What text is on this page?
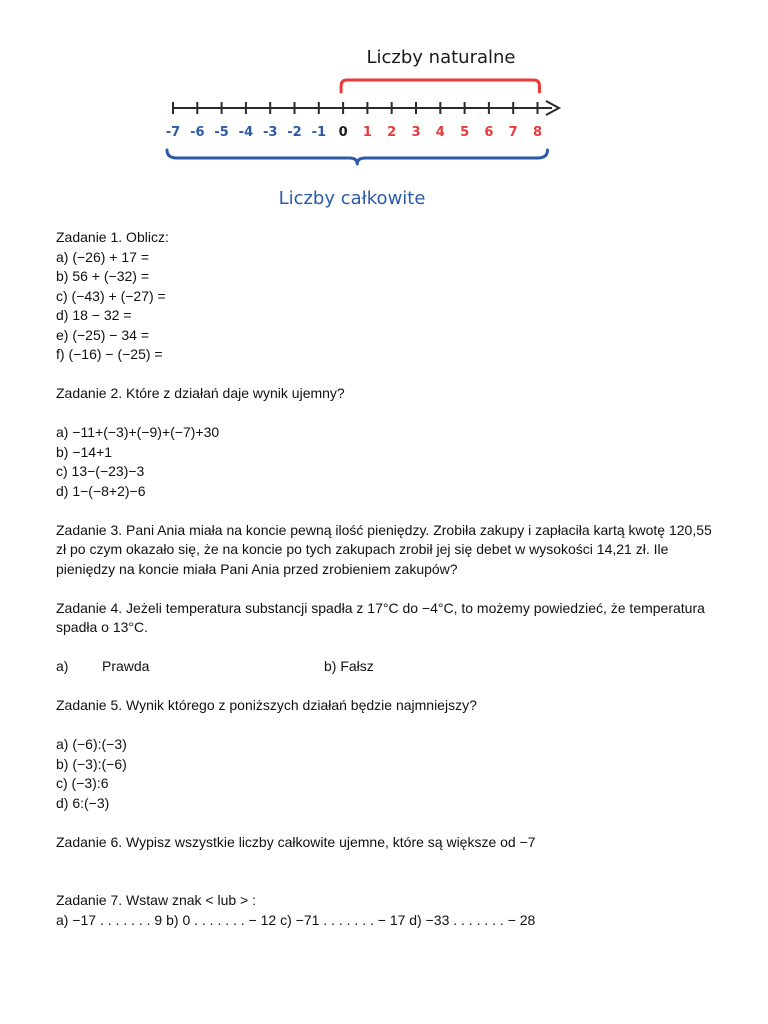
Liczby naturalne
-7 -6 -5 -4 -3 -2 -1 0 1 2 3 4 5 6 7 8
Liczby całkowite
Zadanie 1. Oblicz:
a) (−26) + 17 =
b) 56 + (−32) =
c) (−43) + (−27) =
d) 18 − 32 =
e) (−25) − 34 =
f) (−16) − (−25) =
Zadanie 2. Które z działań daje wynik ujemny?
a) −11+(−3)+(−9)+(−7)+30
b) −14+1
c) 13−(−23)−3
d) 1−(−8+2)−6
Zadanie 3. Pani Ania miała na koncie pewną ilość pieniędzy. Zrobiła zakupy i zapłaciła kartą kwotę 120,55 zł po czym okazało się, że na koncie po tych zakupach zrobił jej się debet w wysokości 14,21 zł. Ile pieniędzy na koncie miała Pani Ania przed zrobieniem zakupów?
Zadanie 4. Jeżeli temperatura substancji spadła z 17°C do −4°C, to możemy powiedzieć, że temperatura spadła o 13°C.
a) Prawda	b) Fałsz
Zadanie 5. Wynik którego z poniższych działań będzie najmniejszy?
a) (−6):(−3)
b) (−3):(−6)
c) (−3):6
d) 6:(−3)
Zadanie 6. Wypisz wszystkie liczby całkowite ujemne, które są większe od −7
Zadanie 7. Wstaw znak < lub > :
a) −17 . . . . . . . 9 b) 0 . . . . . . . − 12 c) −71 . . . . . . . − 17 d) −33 . . . . . . . − 28
